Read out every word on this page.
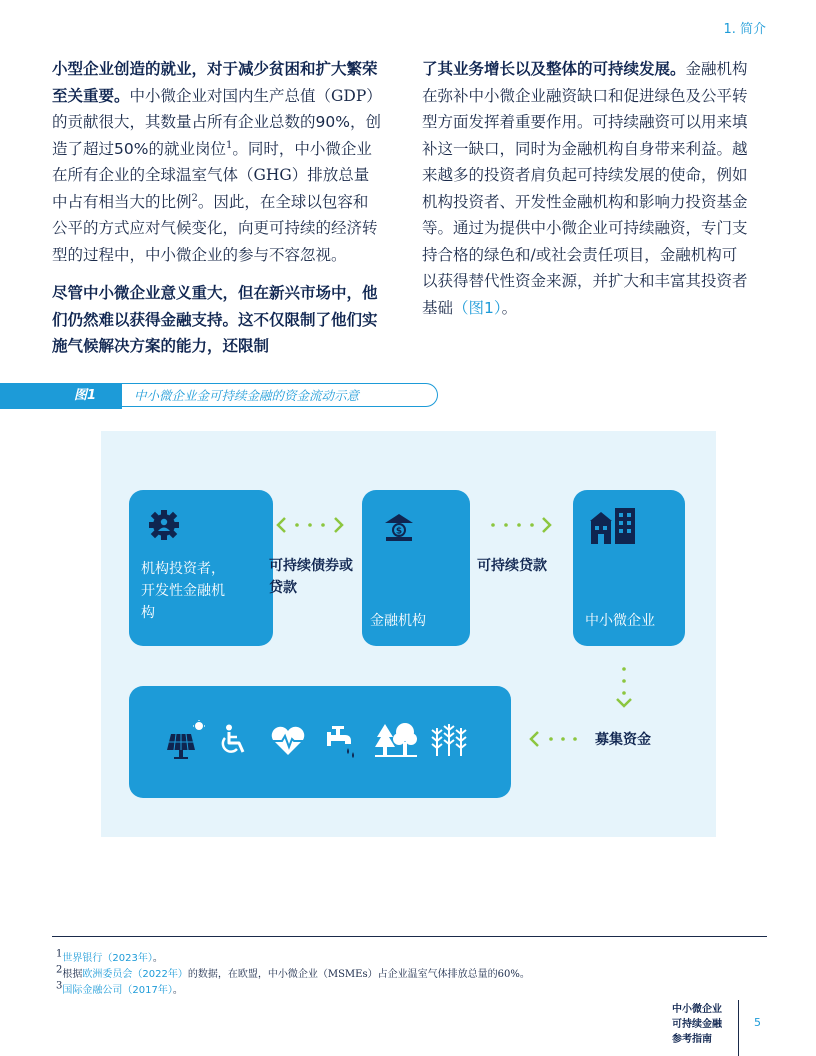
1. 简介

小型企业创造的就业，对于减少贫困和扩大繁荣至关重要。中小微企业对国内生产总值（GDP）的贡献很大，其数量占所有企业总数的90%，创造了超过50%的就业岗位$^1$。同时，中小微企业在所有企业的全球温室气体（GHG）排放总量中占有相当大的比例$^2$。因此，在全球以包容和公平的方式应对气候变化，向更可持续的经济转型的过程中，中小微企业的参与不容忽视。

尽管中小微企业意义重大，但在新兴市场中，他们仍然难以获得金融支持。这不仅限制了他们实施气候解决方案的能力，还限制

了其业务增长以及整体的可持续发展。金融机构在弥补中小微企业融资缺口和促进绿色及公平转型方面发挥着重要作用。可持续融资可以用来填补这一缺口，同时为金融机构自身带来利益。越来越多的投资者肩负起可持续发展的使命，例如机构投资者、开发性金融机构和影响力投资基金等。通过为提供中小微企业可持续融资，专门支持合格的绿色和/或社会责任项目，金融机构可以获得替代性资金来源，并扩大和丰富其投资者基础（图1）。

图1	中小微企业金可持续金融的资金流动示意
机构投资者，开发性金融机构
可持续债券或贷款
$
金融机构
可持续贷款
中小微企业
募集资金
$^1$世界银行（2023年）。
$^2$根据欧洲委员会（2022年）的数据，在欧盟，中小微企业（MSMEs）占企业温室气体排放总量的60%。
$^3$国际金融公司（2017年）。
中小微企业
可持续金融
参考指南
5
